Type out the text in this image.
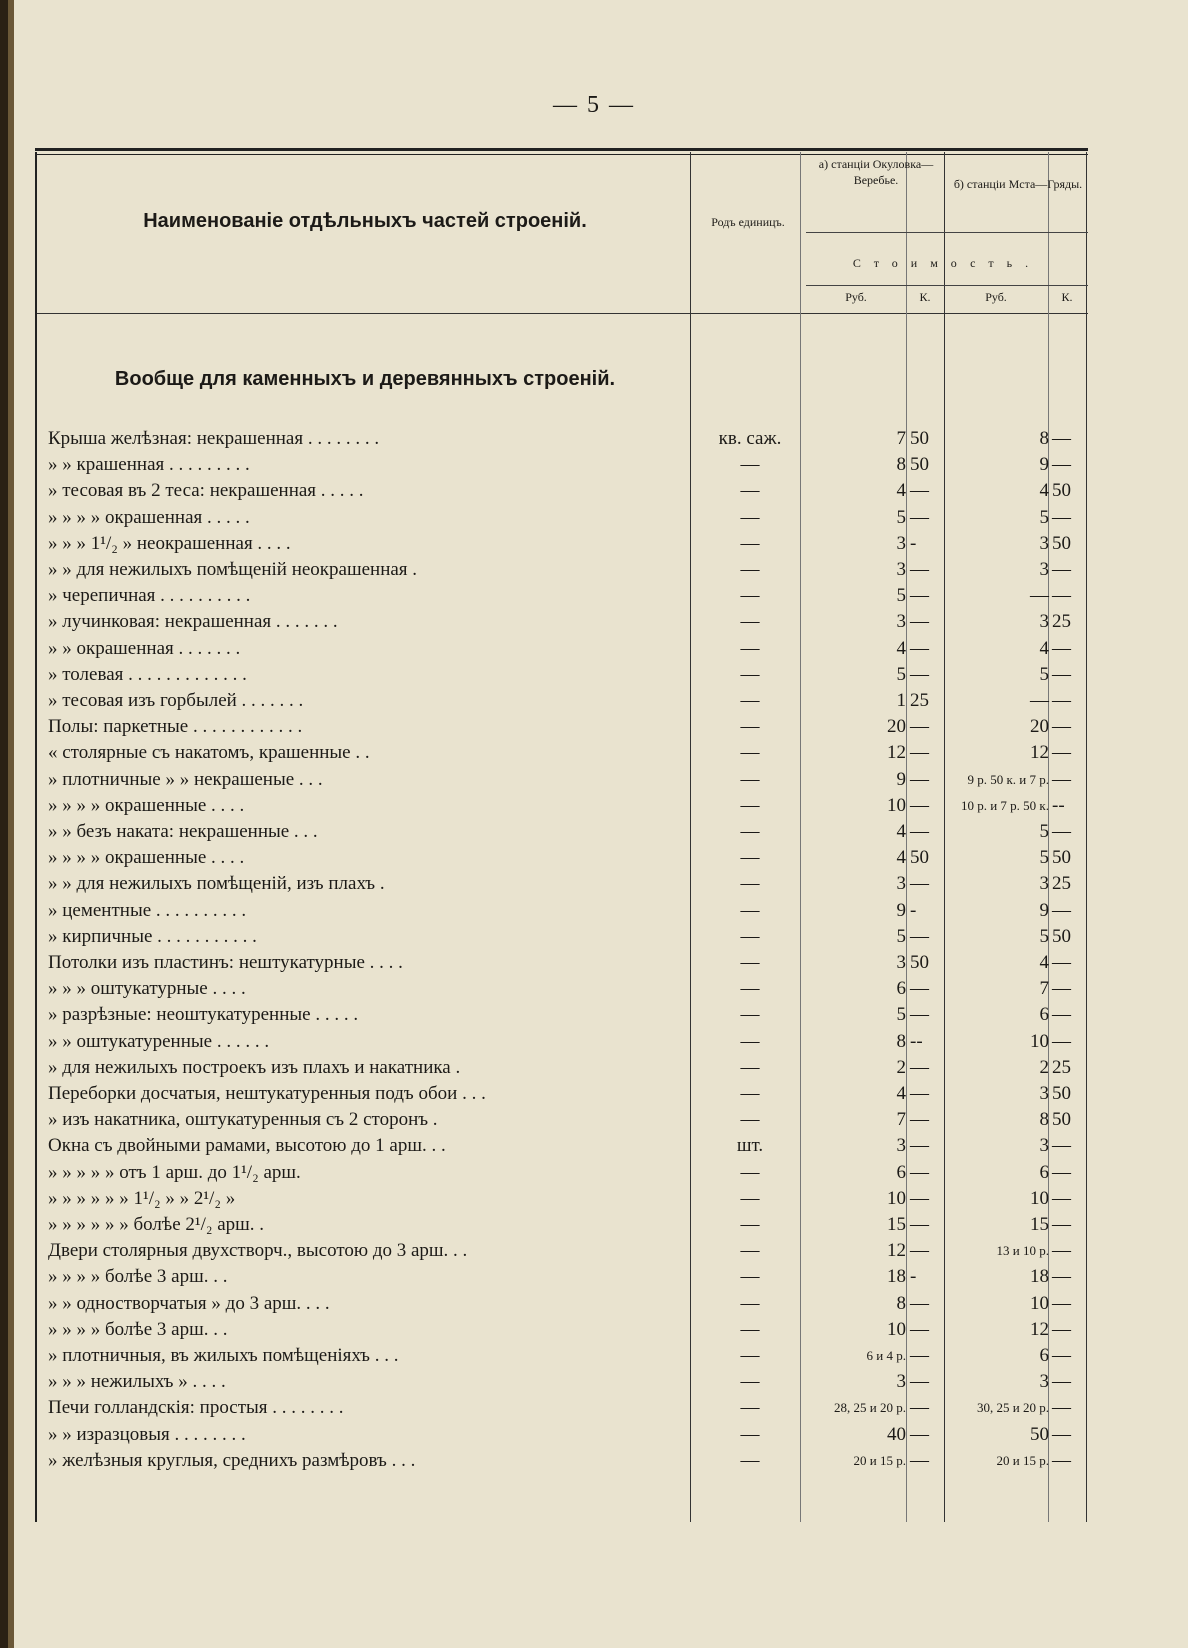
— 5 —
Наименованіе отдѣльныхъ частей строеній.	Родъ единицъ.
а) станціи Окуловка—Веребье.	б) станціи Мста—Гряды.
Стоимость.
Руб.	К.	Руб.	К.
Вообще для каменныхъ и деревянныхъ строеній.
Крыша желѣзная: некрашенная . . . . . . . .	кв. саж.	7 50	8 —
» » крашенная . . . . . . . . .	—	8 50	9 —
» тесовая въ 2 теса: некрашенная . . . . .	—	4 —	4 50
» » » » окрашенная . . . . .	—	5 —	5 —
» » » 1¹/₂ » неокрашенная . . . .	—	3 -	3 50
» » для нежилыхъ помѣщеній неокрашенная .	—	3 —	3 —
» черепичная . . . . . . . . . .	—	5 —	— —
» лучинковая: некрашенная . . . . . . .	—	3 —	3 25
» » окрашенная . . . . . . .	—	4 —	4 —
» толевая . . . . . . . . . . . . .	—	5 —	5 —
» тесовая изъ горбылей . . . . . . .	—	1 25	— —
Полы: паркетные . . . . . . . . . . . .	—	20 —	20 —
« столярные съ накатомъ, крашенные . .	—	12 —	12 —
» плотничные » » некрашеные . . .	—	9 —	9 р. 50 к. и 7 р. —
» » » » окрашенные . . . .	—	10 —	10 р. и 7 р. 50 к. --
» » безъ наката: некрашенные . . .	—	4 —	5 —
» » » » окрашенные . . . .	—	4 50	5 50
» » для нежилыхъ помѣщеній, изъ плахъ .	—	3 —	3 25
» цементные . . . . . . . . . .	—	9 -	9 —
» кирпичные . . . . . . . . . . .	—	5 —	5 50
Потолки изъ пластинъ: нештукатурные . . . .	—	3 50	4 —
» » » оштукатурные . . . .	—	6 —	7 —
» разрѣзные: неоштукатуренные . . . . .	—	5 —	6 —
» » оштукатуренные . . . . . .	—	8 --	10 —
» для нежилыхъ построекъ изъ плахъ и накатника .	—	2 —	2 25
Переборки досчатыя, нештукатуренныя подъ обои . . .	—	4 —	3 50
» изъ накатника, оштукатуренныя съ 2 сторонъ .	—	7 —	8 50
Окна съ двойными рамами, высотою до 1 арш. . .	шт.	3 —	3 —
» » » » » отъ 1 арш. до 1¹/₂ арш.	—	6 —	6 —
» » » » » » 1¹/₂ » » 2¹/₂ »	—	10 —	10 —
» » » » » » болѣе 2¹/₂ арш. .	—	15 —	15 —
Двери столярныя двухстворч., высотою до 3 арш. . .	—	12 —	13 и 10 р. —
» » » » болѣе 3 арш. . .	—	18 -	18 —
» » одностворчатыя » до 3 арш. . . .	—	8 —	10 —
» » » » болѣе 3 арш. . .	—	10 —	12 —
» плотничныя, въ жилыхъ помѣщеніяхъ . . .	—	6 и 4 р. —	6 —
» » » нежилыхъ » . . . .	—	3 —	3 —
Печи голландскія: простыя . . . . . . . .	—	28, 25 и 20 р. —	30, 25 и 20 р. —
» » изразцовыя . . . . . . . .	—	40 —	50 —
» желѣзныя круглыя, среднихъ размѣровъ . . .	—	20 и 15 р. —	20 и 15 р. —
